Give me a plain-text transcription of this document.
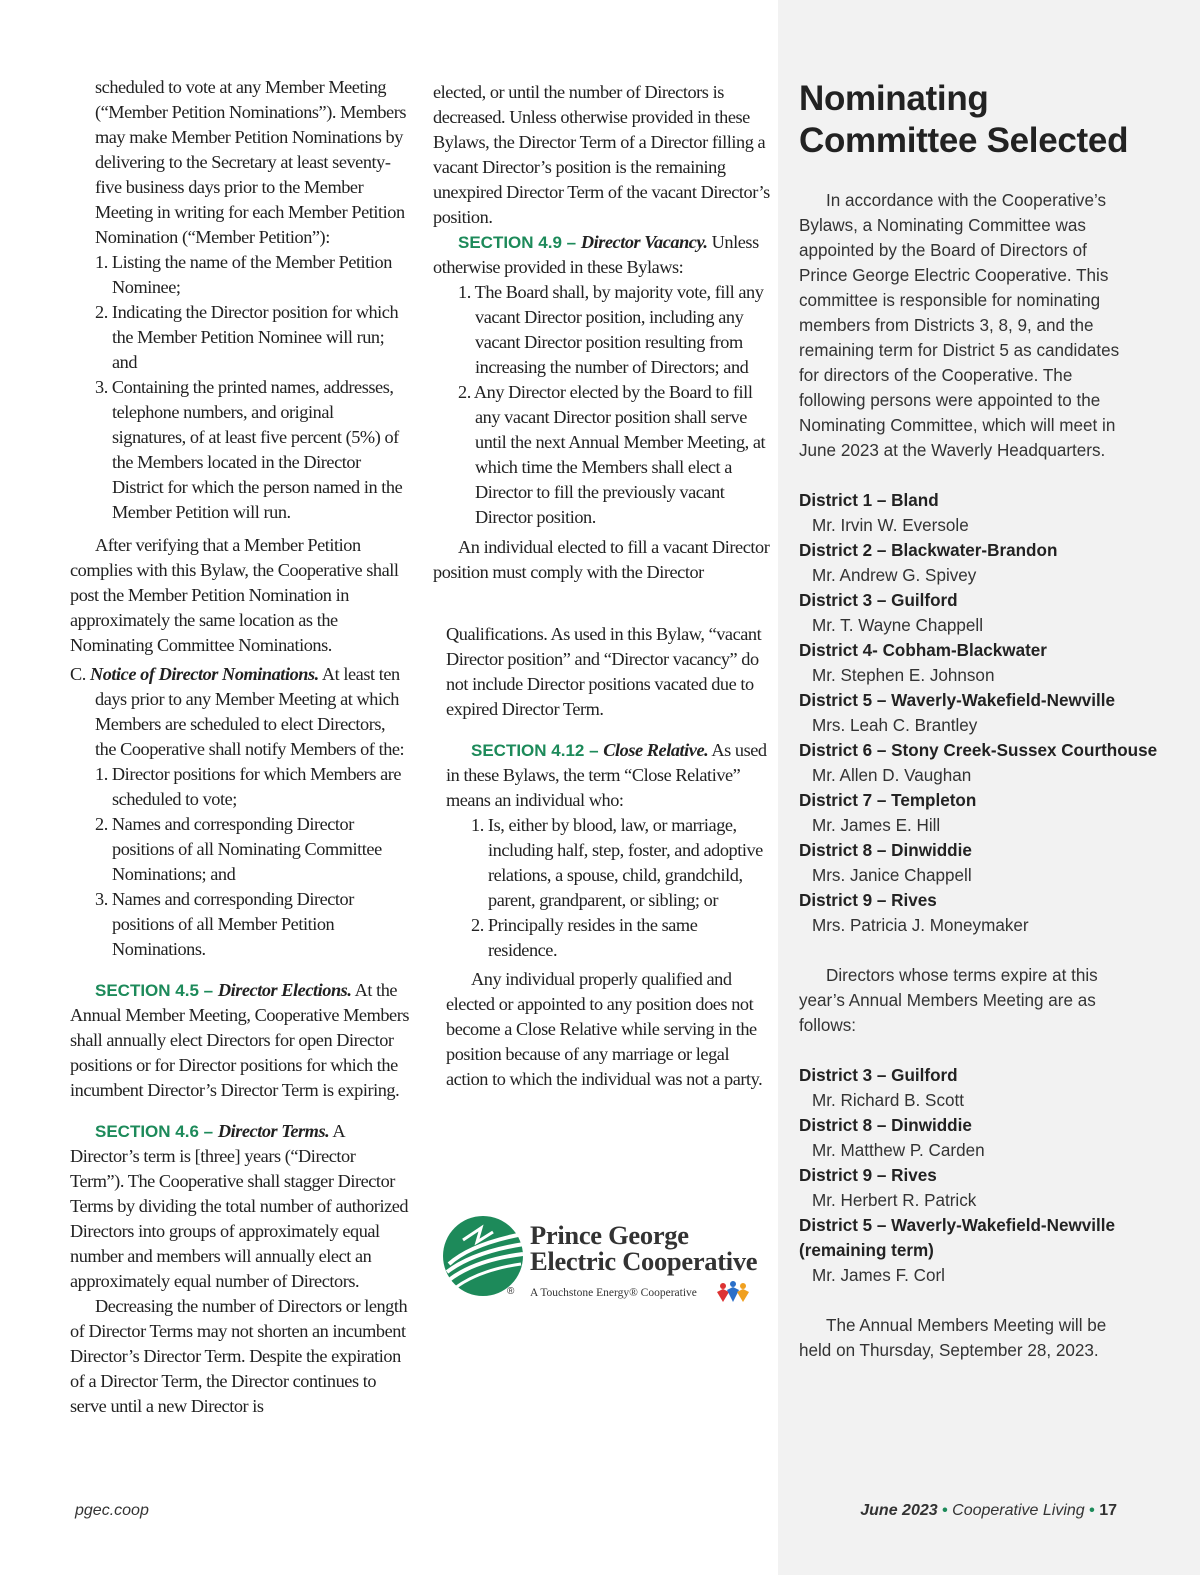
scheduled to vote at any Member Meeting (“Member Petition Nominations”). Members may make Member Petition Nominations by delivering to the Secretary at least seventy-five business days prior to the Member Meeting in writing for each Member Petition Nomination (“Member Petition”):

1. Listing the name of the Member Petition Nominee;

2. Indicating the Director position for which the Member Petition Nominee will run; and

3. Containing the printed names, addresses, telephone numbers, and original signatures, of at least five percent (5%) of the Members located in the Director District for which the person named in the Member Petition will run.

After verifying that a Member Petition complies with this Bylaw, the Cooperative shall post the Member Petition Nomination in approximately the same location as the Nominating Committee Nominations.

C. Notice of Director Nominations. At least ten days prior to any Member Meeting at which Members are scheduled to elect Directors, the Cooperative shall notify Members of the:

1. Director positions for which Members are scheduled to vote;

2. Names and corresponding Director positions of all Nominating Committee Nominations; and

3. Names and corresponding Director positions of all Member Petition Nominations.

SECTION 4.5 – Director Elections. At the Annual Member Meeting, Cooperative Members shall annually elect Directors for open Director positions or for Director positions for which the incumbent Director’s Director Term is expiring.

SECTION 4.6 – Director Terms. A Director’s term is [three] years (“Director Term”). The Cooperative shall stagger Director Terms by dividing the total number of authorized Directors into groups of approximately equal number and members will annually elect an approximately equal number of Directors.

Decreasing the number of Directors or length of Director Terms may not shorten an incumbent Director’s Director Term. Despite the expiration of a Director Term, the Director continues to serve until a new Director is

elected, or until the number of Directors is decreased. Unless otherwise provided in these Bylaws, the Director Term of a Director filling a vacant Director’s position is the remaining unexpired Director Term of the vacant Director’s position.

SECTION 4.9 – Director Vacancy. Unless otherwise provided in these Bylaws:

1. The Board shall, by majority vote, fill any vacant Director position, including any vacant Director position resulting from increasing the number of Directors; and

2. Any Director elected by the Board to fill any vacant Director position shall serve until the next Annual Member Meeting, at which time the Members shall elect a Director to fill the previously vacant Director position.

An individual elected to fill a vacant Director position must comply with the Director

Qualifications. As used in this Bylaw, “vacant Director position” and “Director vacancy” do not include Director positions vacated due to expired Director Term.

SECTION 4.12 – Close Relative. As used in these Bylaws, the term “Close Relative” means an individual who:

1. Is, either by blood, law, or marriage, including half, step, foster, and adoptive relations, a spouse, child, grandchild, parent, grandparent, or sibling; or

2. Principally resides in the same residence.

Any individual properly qualified and elected or appointed to any position does not become a Close Relative while serving in the position because of any marriage or legal action to which the individual was not a party.

Prince George
Electric Cooperative
® A Touchstone Energy® Cooperative
Nominating Committee Selected

In accordance with the Cooperative’s Bylaws, a Nominating Committee was appointed by the Board of Directors of Prince George Electric Cooperative. This committee is responsible for nominating members from Districts 3, 8, 9, and the remaining term for District 5 as candidates for directors of the Cooperative. The following persons were appointed to the Nominating Committee, which will meet in June 2023 at the Waverly Headquarters.

District 1 – Bland
Mr. Irvin W. Eversole
District 2 – Blackwater-Brandon
Mr. Andrew G. Spivey
District 3 – Guilford
Mr. T. Wayne Chappell
District 4- Cobham-Blackwater
Mr. Stephen E. Johnson
District 5 – Waverly-Wakefield-Newville
Mrs. Leah C. Brantley
District 6 – Stony Creek-Sussex Courthouse
Mr. Allen D. Vaughan
District 7 – Templeton
Mr. James E. Hill
District 8 – Dinwiddie
Mrs. Janice Chappell
District 9 – Rives
Mrs. Patricia J. Moneymaker

Directors whose terms expire at this year’s Annual Members Meeting are as follows:

District 3 – Guilford
Mr. Richard B. Scott
District 8 – Dinwiddie
Mr. Matthew P. Carden
District 9 – Rives
Mr. Herbert R. Patrick
District 5 – Waverly-Wakefield-Newville (remaining term)
Mr. James F. Corl

The Annual Members Meeting will be held on Thursday, September 28, 2023.

pgec.coop	June 2023 • Cooperative Living • 17
